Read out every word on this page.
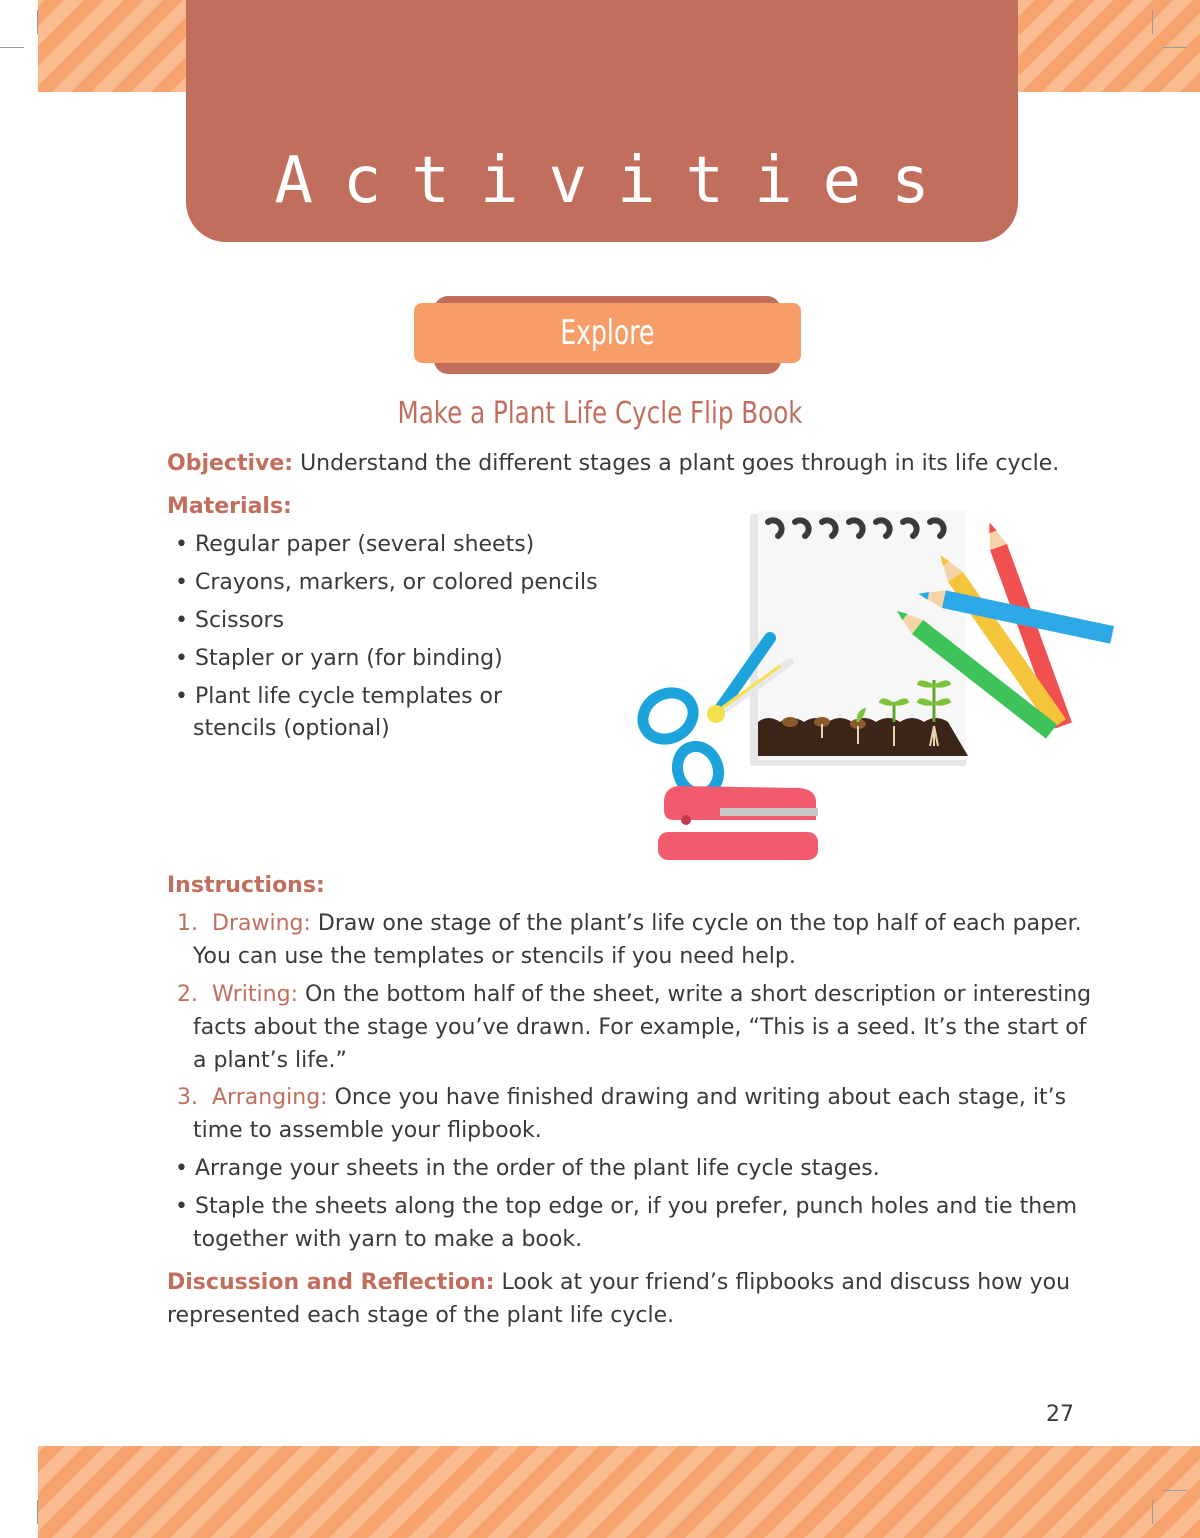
Activities
Explore
Make a Plant Life Cycle Flip Book
Objective: Understand the different stages a plant goes through in its life cycle.
Materials:
• Regular paper (several sheets)
• Crayons, markers, or colored pencils
• Scissors
• Stapler or yarn (for binding)
• Plant life cycle templates or
stencils (optional)
Instructions:
1. Drawing: Draw one stage of the plant’s life cycle on the top half of each paper.
You can use the templates or stencils if you need help.
2. Writing: On the bottom half of the sheet, write a short description or interesting
facts about the stage you’ve drawn. For example, “This is a seed. It’s the start of
a plant’s life.”
3. Arranging: Once you have finished drawing and writing about each stage, it’s
time to assemble your flipbook.
• Arrange your sheets in the order of the plant life cycle stages.
• Staple the sheets along the top edge or, if you prefer, punch holes and tie them
together with yarn to make a book.
Discussion and Reflection: Look at your friend’s flipbooks and discuss how you
represented each stage of the plant life cycle.
27
